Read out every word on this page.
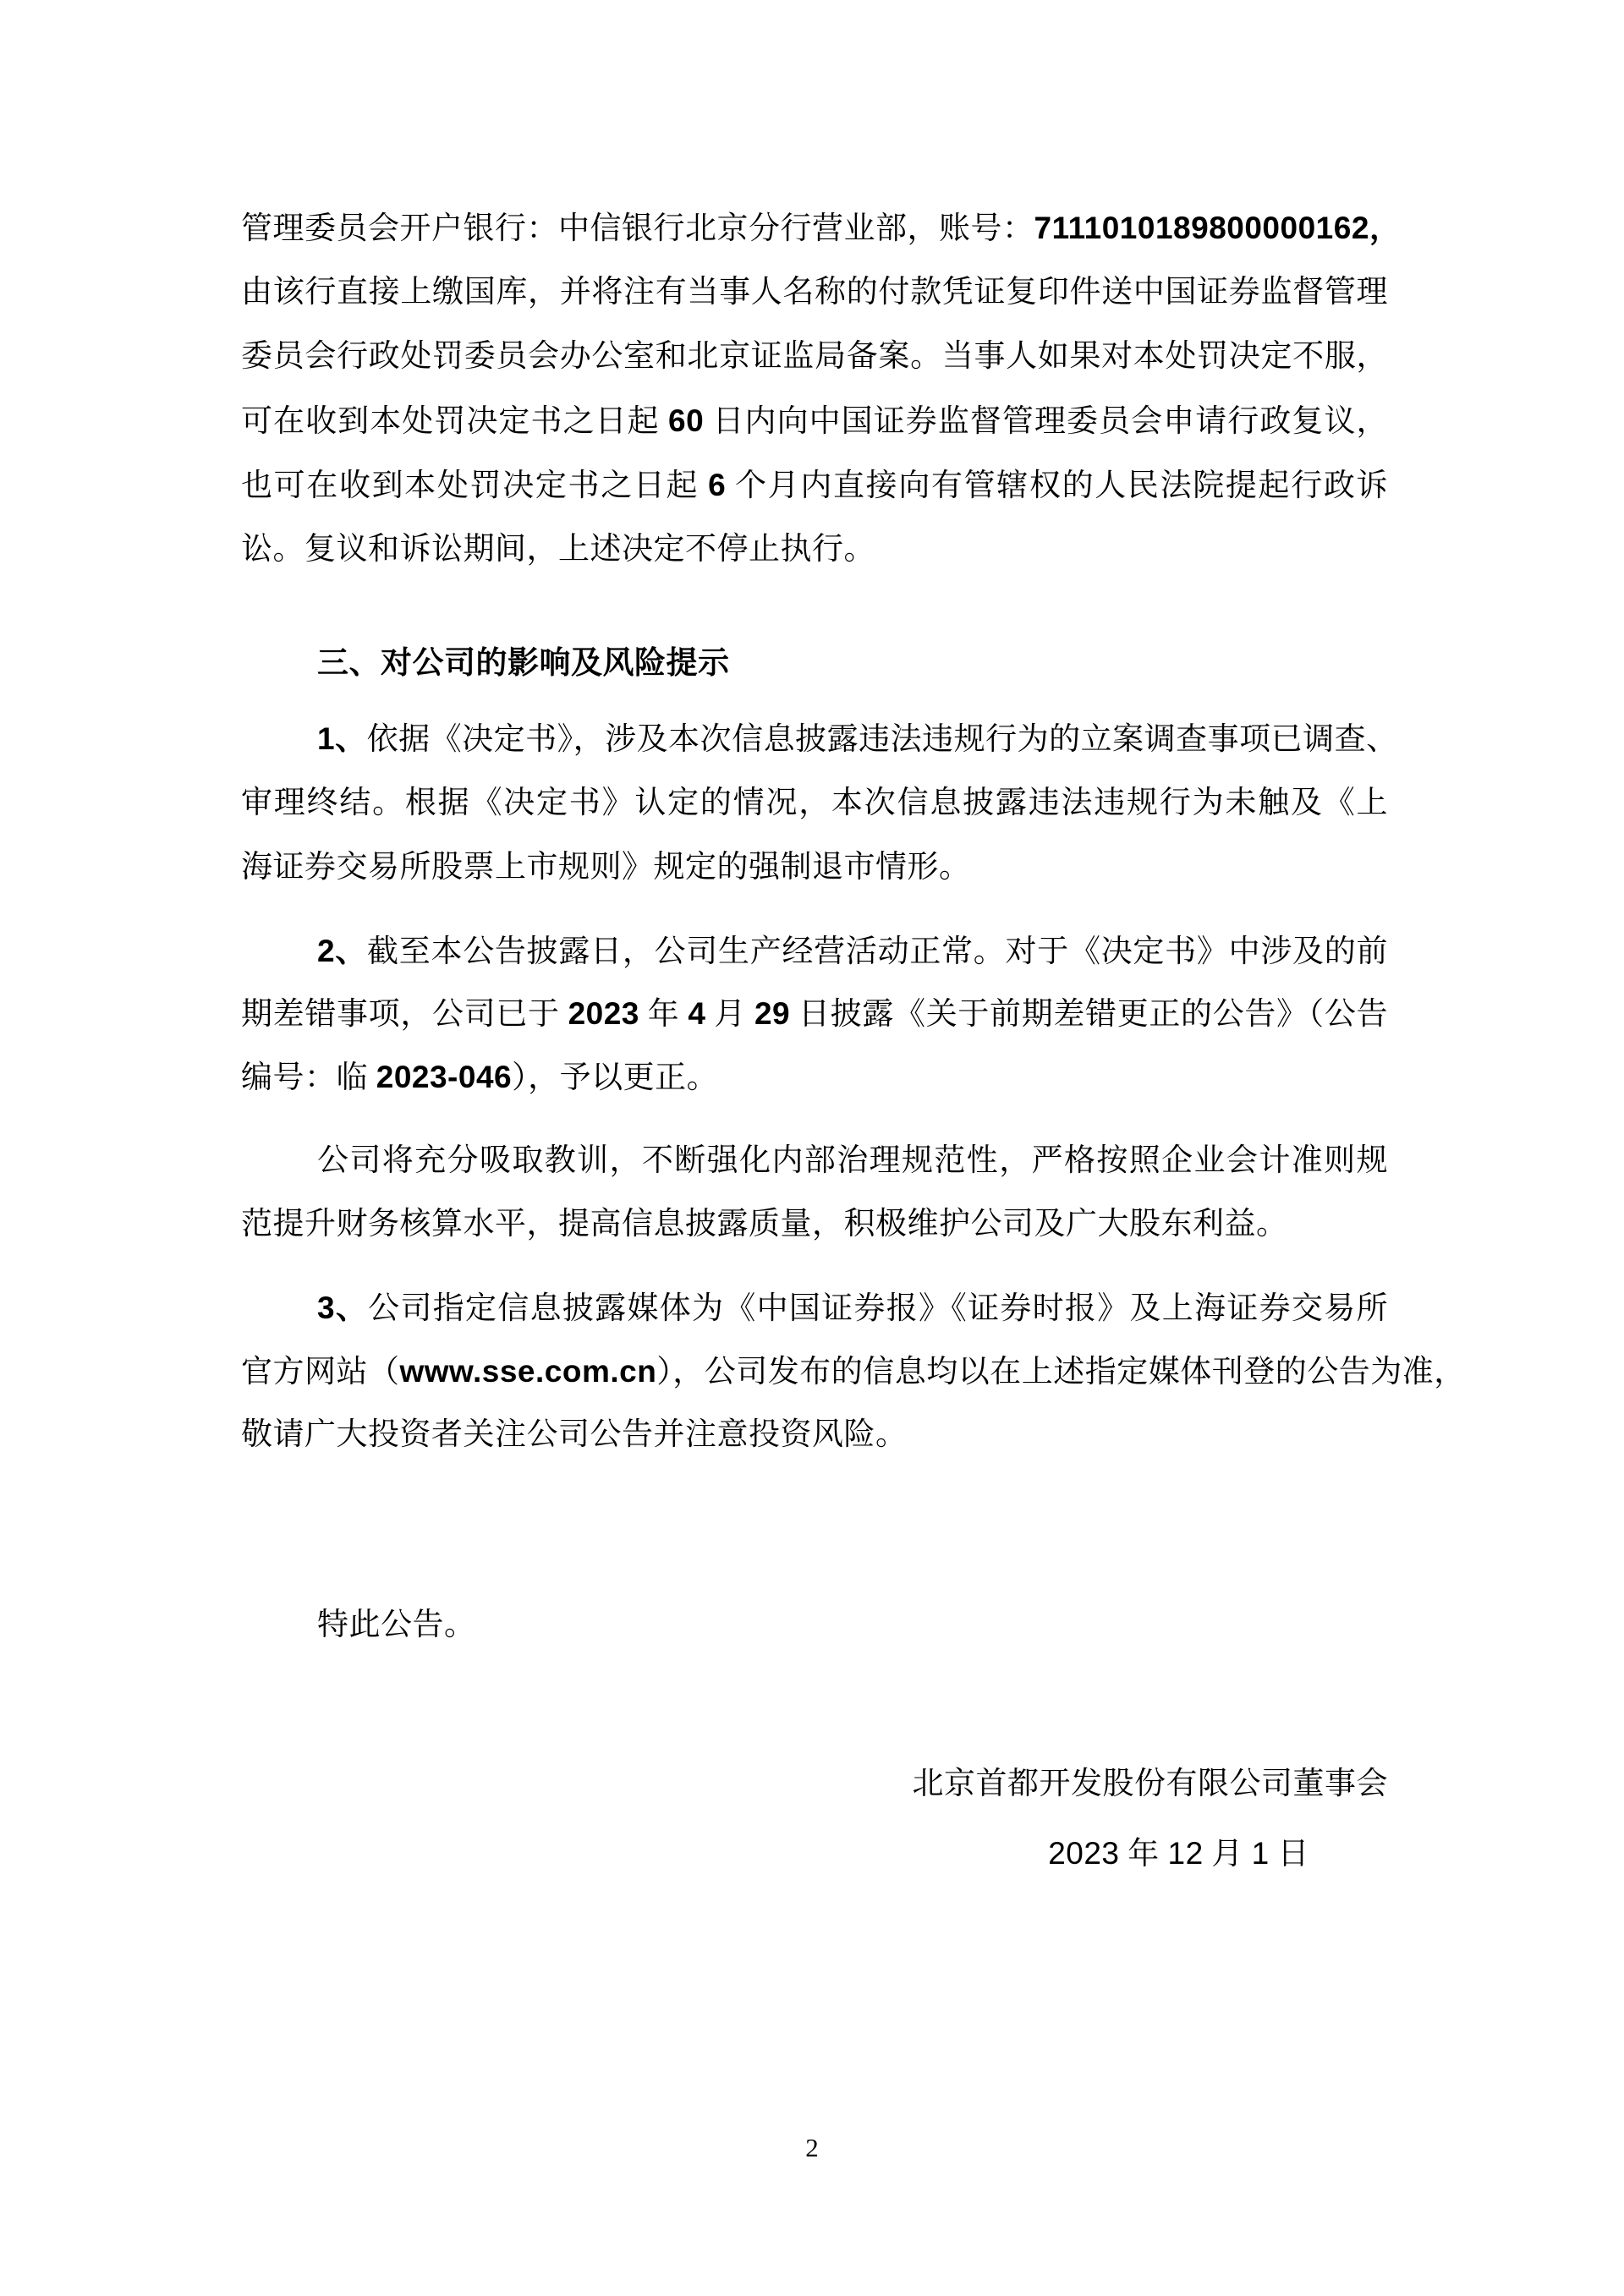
管理委员会开户银行：中信银行北京分行营业部，账号：7111010189800000162，
由该行直接上缴国库，并将注有当事人名称的付款凭证复印件送中国证券监督管理
委员会行政处罚委员会办公室和北京证监局备案。当事人如果对本处罚决定不服，
可在收到本处罚决定书之日起 60 日内向中国证券监督管理委员会申请行政复议，
也可在收到本处罚决定书之日起 6 个月内直接向有管辖权的人民法院提起行政诉
讼。复议和诉讼期间，上述决定不停止执行。
三、对公司的影响及风险提示
1、依据《决定书》，涉及本次信息披露违法违规行为的立案调查事项已调查、
审理终结。根据《决定书》认定的情况，本次信息披露违法违规行为未触及《上
海证券交易所股票上市规则》规定的强制退市情形。
2、截至本公告披露日，公司生产经营活动正常。对于《决定书》中涉及的前
期差错事项，公司已于 2023 年 4 月 29 日披露《关于前期差错更正的公告》（公告
编号：临 2023-046），予以更正。
公司将充分吸取教训，不断强化内部治理规范性，严格按照企业会计准则规
范提升财务核算水平，提高信息披露质量，积极维护公司及广大股东利益。
3、公司指定信息披露媒体为《中国证券报》《证券时报》及上海证券交易所
官方网站（www.sse.com.cn），公司发布的信息均以在上述指定媒体刊登的公告为准，
敬请广大投资者关注公司公告并注意投资风险。
特此公告。
北京首都开发股份有限公司董事会
2023 年 12 月 1 日
2
